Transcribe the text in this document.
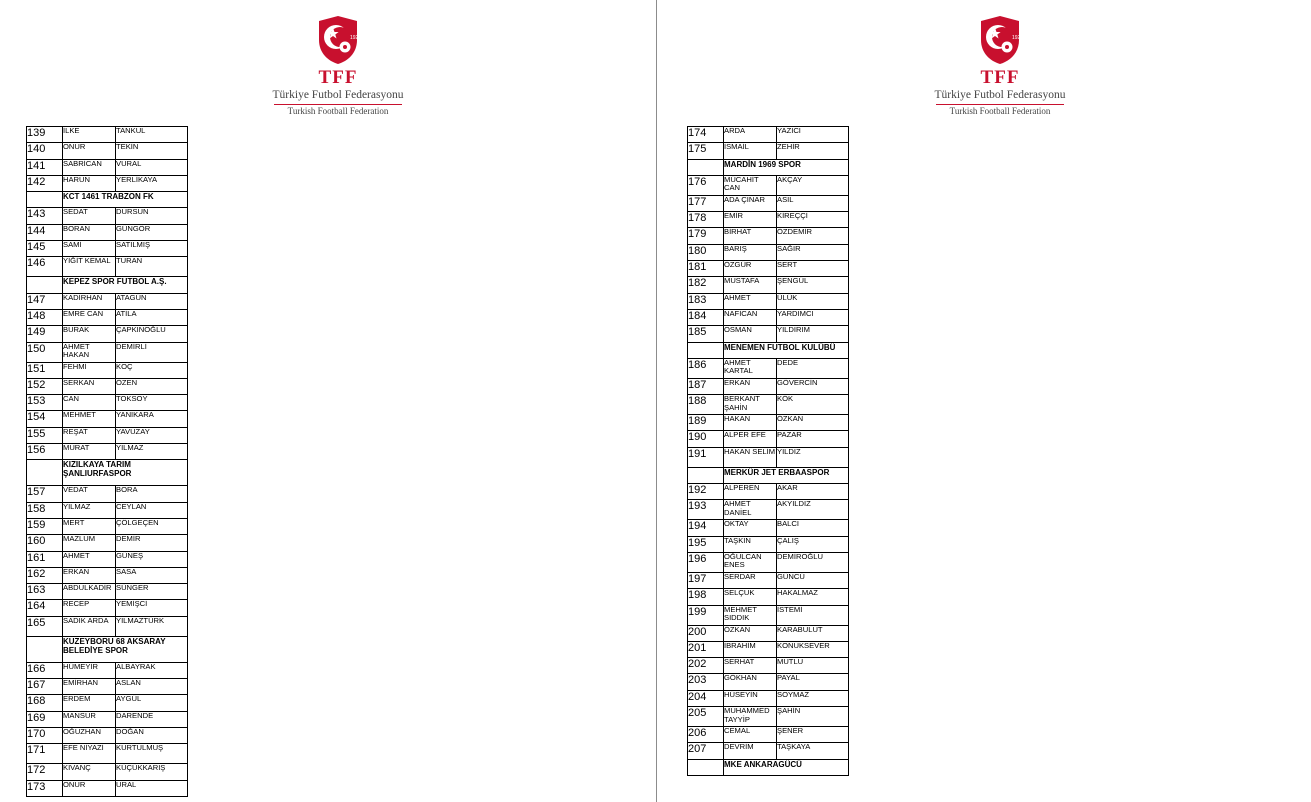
1923
TFF
Türkiye Futbol Federasyonu
Turkish Football Federation
139	İLKE	TANKUL
140	ONUR	TEKİN
141	SABRİCAN	VURAL
142	HARUN	YERLİKAYA
	KCT 1461 TRABZON FK	
143	SEDAT	DURSUN
144	BORAN	GÜNGÖR
145	SAMİ	SATILMIŞ
146	YİĞİT KEMAL	TURAN
	KEPEZ SPOR FUTBOL A.Ş.	
147	KADİRHAN	ATAGÜN
148	EMRE CAN	ATİLA
149	BURAK	ÇAPKINOĞLU
150	AHMET HAKAN	DEMİRLİ
151	FEHMİ	KOÇ
152	SERKAN	ÖZEN
153	CAN	TOKSOY
154	MEHMET	YANIKARA
155	REŞAT	YAVUZAY
156	MURAT	YILMAZ
	KIZILKAYA TARIM ŞANLIURFASPOR	
157	VEDAT	BORA
158	YILMAZ	CEYLAN
159	MERT	ÇÖLGEÇEN
160	MAZLUM	DEMİR
161	AHMET	GÜNEŞ
162	ERKAN	SASA
163	ABDULKADİR	SÜNGER
164	RECEP	YEMİŞCİ
165	SADIK ARDA	YILMAZTÜRK
	KUZEYBORU 68 AKSARAY BELEDİYE SPOR	
166	HÜMEYİR	ALBAYRAK
167	EMİRHAN	ASLAN
168	ERDEM	AYGÜL
169	MANSUR	DARENDE
170	OĞUZHAN	DOĞAN
171	EFE NİYAZİ	KURTULMUŞ
172	KIVANÇ	KÜÇÜKKARIŞ
173	ONUR	URAL
1923
TFF
Türkiye Futbol Federasyonu
Turkish Football Federation
174	ARDA	YAZICI
175	İSMAİL	ZEHİR
	MARDİN 1969 SPOR	
176	MÜCAHİT CAN	AKÇAY
177	ADA ÇINAR	ASIL
178	EMİR	KİREÇÇİ
179	BİRHAT	ÖZDEMİR
180	BARIŞ	SAĞIR
181	ÖZGÜR	SERT
182	MUSTAFA	ŞENGÜL
183	AHMET	ÜLÜK
184	NAFİCAN	YARDIMCI
185	OSMAN	YILDIRIM
	MENEMEN FUTBOL KULÜBÜ	
186	AHMET KARTAL	DEDE
187	ERKAN	GÖVERCİN
188	BERKANT ŞAHİN	KÖK
189	HAKAN	ÖZKAN
190	ALPER EFE	PAZAR
191	HAKAN SELİM	YILDIZ
	MERKÜR JET ERBAASPOR	
192	ALPEREN	AKAR
193	AHMET DANİEL	AKYILDIZ
194	OKTAY	BALCI
195	TAŞKIN	ÇALIŞ
196	OĞULCAN ENES	DEMİROĞLU
197	SERDAR	GÜNCÜ
198	SELÇUK	HAKALMAZ
199	MEHMET SIDDIK	İSTEMİ
200	ÖZKAN	KARABULUT
201	İBRAHİM	KONUKSEVER
202	SERHAT	MUTLU
203	GÖKHAN	PAYAL
204	HÜSEYİN	SOYMAZ
205	MUHAMMED TAYYİP	ŞAHİN
206	CEMAL	ŞENER
207	DEVRİM	TAŞKAYA
	MKE ANKARAGÜCÜ	
